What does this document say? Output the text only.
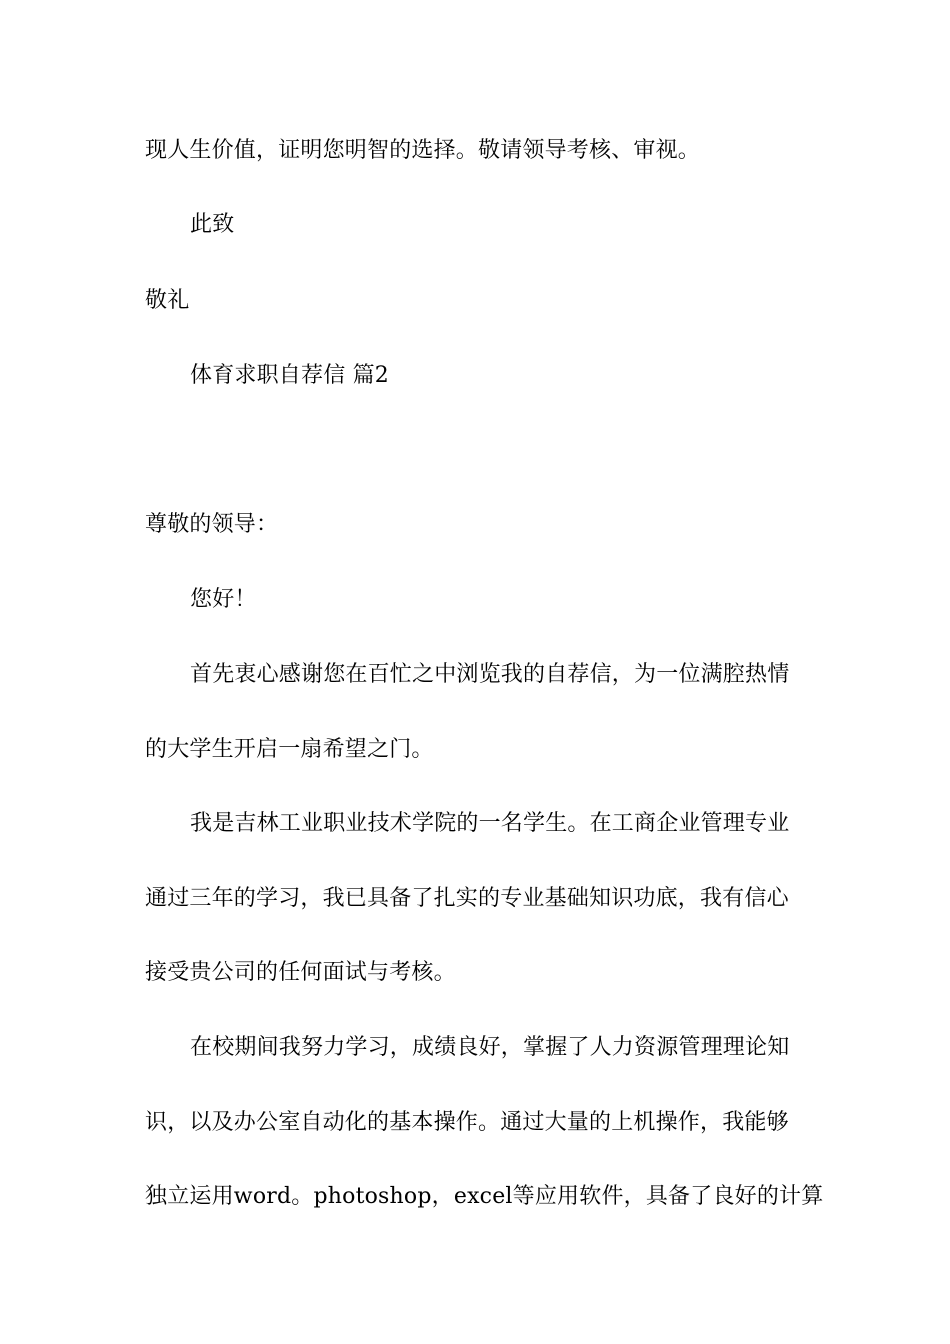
现人生价值，证明您明智的选择。敬请领导考核、审视。
此致
敬礼
体育求职自荐信 篇2
尊敬的领导：
您好！
首先衷心感谢您在百忙之中浏览我的自荐信，为一位满腔热情
的大学生开启一扇希望之门。
我是吉林工业职业技术学院的一名学生。在工商企业管理专业
通过三年的学习，我已具备了扎实的专业基础知识功底，我有信心
接受贵公司的任何面试与考核。
在校期间我努力学习，成绩良好，掌握了人力资源管理理论知
识，以及办公室自动化的基本操作。通过大量的上机操作，我能够
独立运用word。photoshop，excel等应用软件，具备了良好的计算
